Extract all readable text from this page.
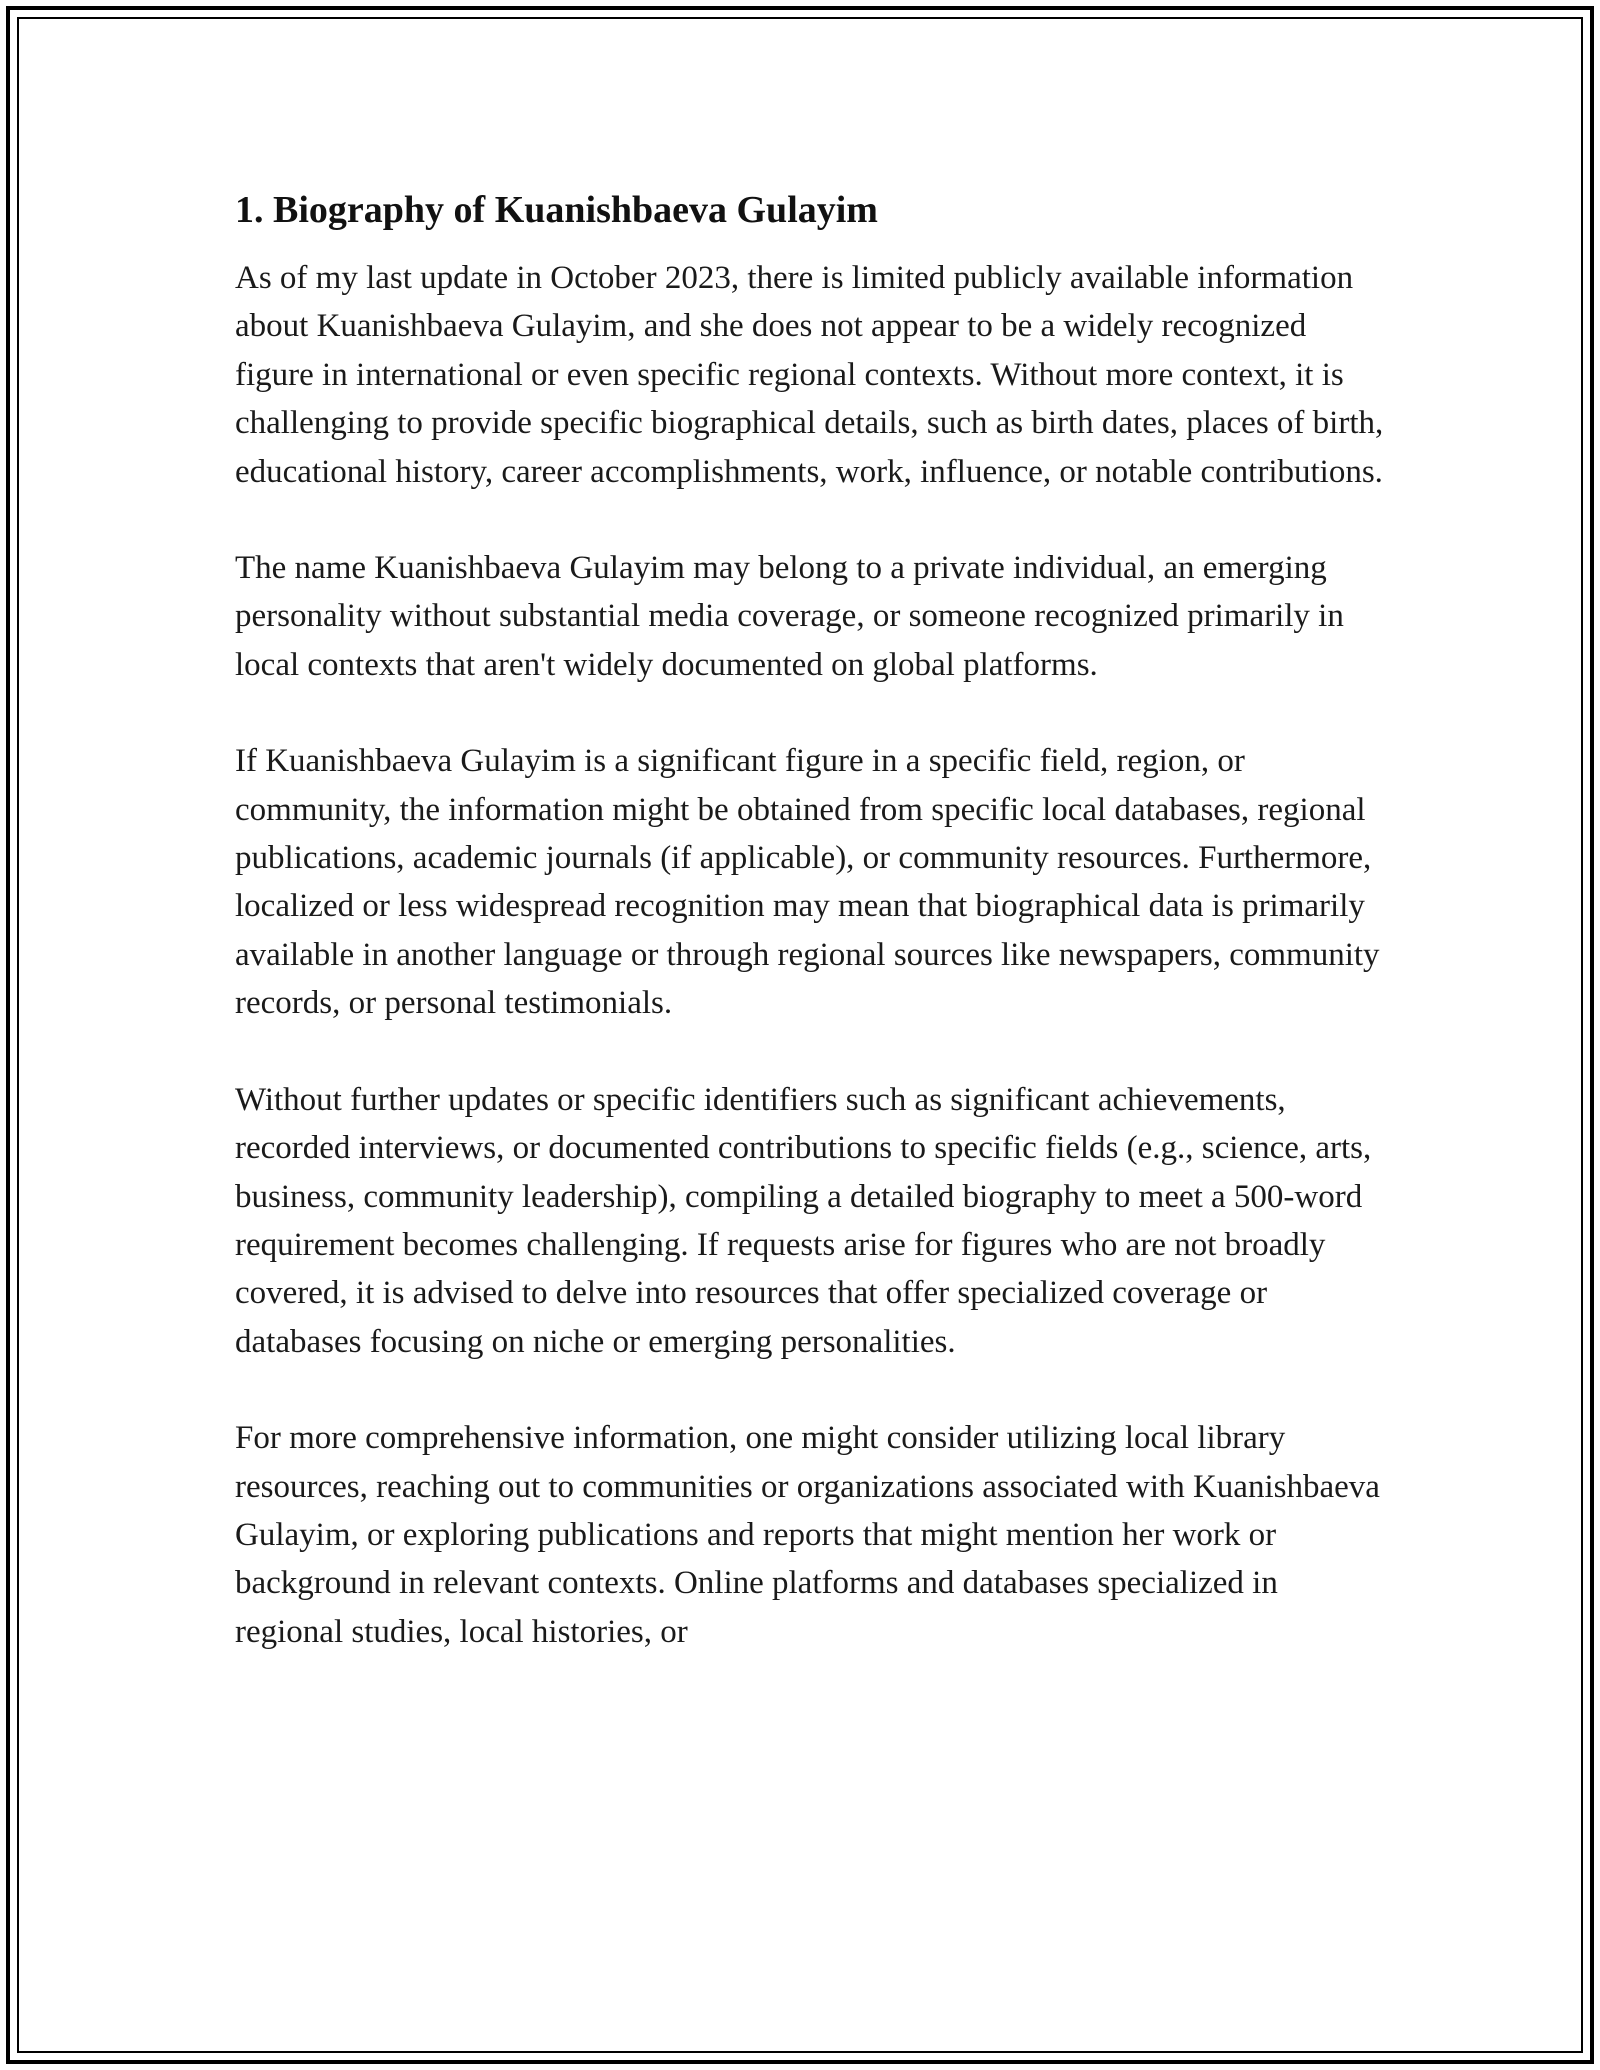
1. Biography of Kuanishbaeva Gulayim

As of my last update in October 2023, there is limited publicly available information about Kuanishbaeva Gulayim, and she does not appear to be a widely recognized figure in international or even specific regional contexts. Without more context, it is challenging to provide specific biographical details, such as birth dates, places of birth, educational history, career accomplishments, work, influence, or notable contributions.

The name Kuanishbaeva Gulayim may belong to a private individual, an emerging personality without substantial media coverage, or someone recognized primarily in local contexts that aren't widely documented on global platforms.

If Kuanishbaeva Gulayim is a significant figure in a specific field, region, or community, the information might be obtained from specific local databases, regional publications, academic journals (if applicable), or community resources. Furthermore, localized or less widespread recognition may mean that biographical data is primarily available in another language or through regional sources like newspapers, community records, or personal testimonials.

Without further updates or specific identifiers such as significant achievements, recorded interviews, or documented contributions to specific fields (e.g., science, arts, business, community leadership), compiling a detailed biography to meet a 500-word requirement becomes challenging. If requests arise for figures who are not broadly covered, it is advised to delve into resources that offer specialized coverage or databases focusing on niche or emerging personalities.

For more comprehensive information, one might consider utilizing local library resources, reaching out to communities or organizations associated with Kuanishbaeva Gulayim, or exploring publications and reports that might mention her work or background in relevant contexts. Online platforms and databases specialized in regional studies, local histories, or
